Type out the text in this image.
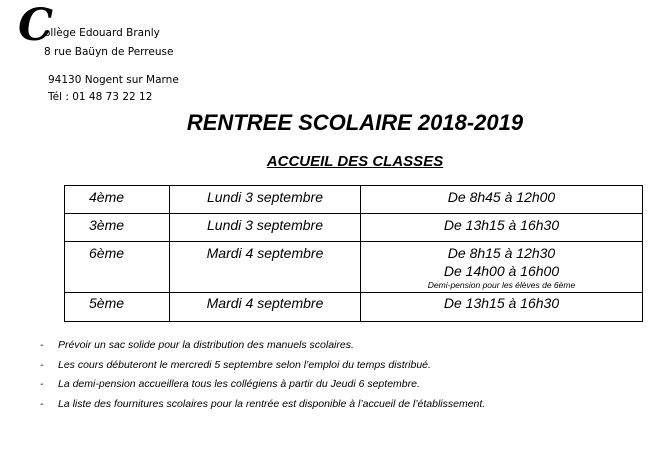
C
ollège Edouard Branly
8 rue Baüyn de Perreuse
94130 Nogent sur Marne
Tél : 01 48 73 22 12
RENTREE SCOLAIRE 2018-2019
ACCUEIL DES CLASSES
4ème	Lundi 3 septembre	De 8h45 à 12h00
3ème	Lundi 3 septembre	De 13h15 à 16h30
6ème	Mardi 4 septembre	De 8h15 à 12h30
De 14h00 à 16h00
Demi-pension pour les élèves de 6ème

5ème	Mardi 4 septembre	De 13h15 à 16h30
- Prévoir un sac solide pour la distribution des manuels scolaires.
- Les cours débuteront le mercredi 5 septembre selon l’emploi du temps distribué.
- La demi-pension accueillera tous les collégiens à partir du Jeudi 6 septembre.
- La liste des fournitures scolaires pour la rentrée est disponible à l’accueil de l’établissement.
